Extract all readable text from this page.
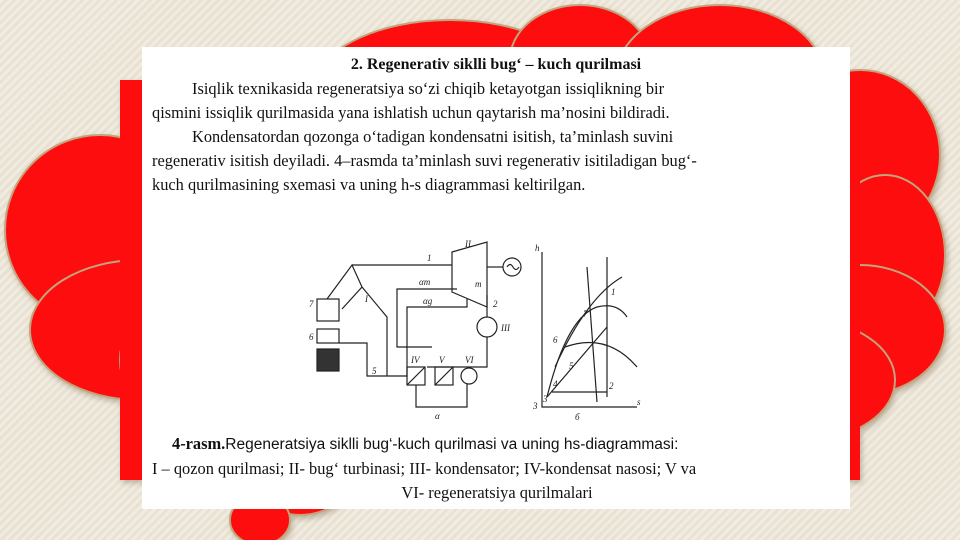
2. Regenerativ siklli bug‘ – kuch qurilmasi

Isiqlik texnikasida regeneratsiya so‘zi chiqib ketayotgan issiqlikning bir

qismini issiqlik qurilmasida yana ishlatish uchun qaytarish ma’nosini bildiradi.

Kondensatordan qozonga o‘tadigan kondensatni isitish, ta’minlash suvini

regenerativ isitish deyiladi. 4–rasmda ta’minlash suvi regenerativ isitiladigan bug‘-

kuch qurilmasining sxemasi va uning h-s diagrammasi keltirilgan.

7
6
I
1
II
III
IV V VI
2
5
α
αm
αg
m
h
s
3
1
2
3
4
5
6
7
б
4-rasm.Regeneratsiya siklli bug‘-kuch qurilmasi va uning hs-diagrammasi:
I – qozon qurilmasi; II- bug‘ turbinasi; III- kondensator; IV-kondensat nasosi; V va
VI- regeneratsiya qurilmalari
